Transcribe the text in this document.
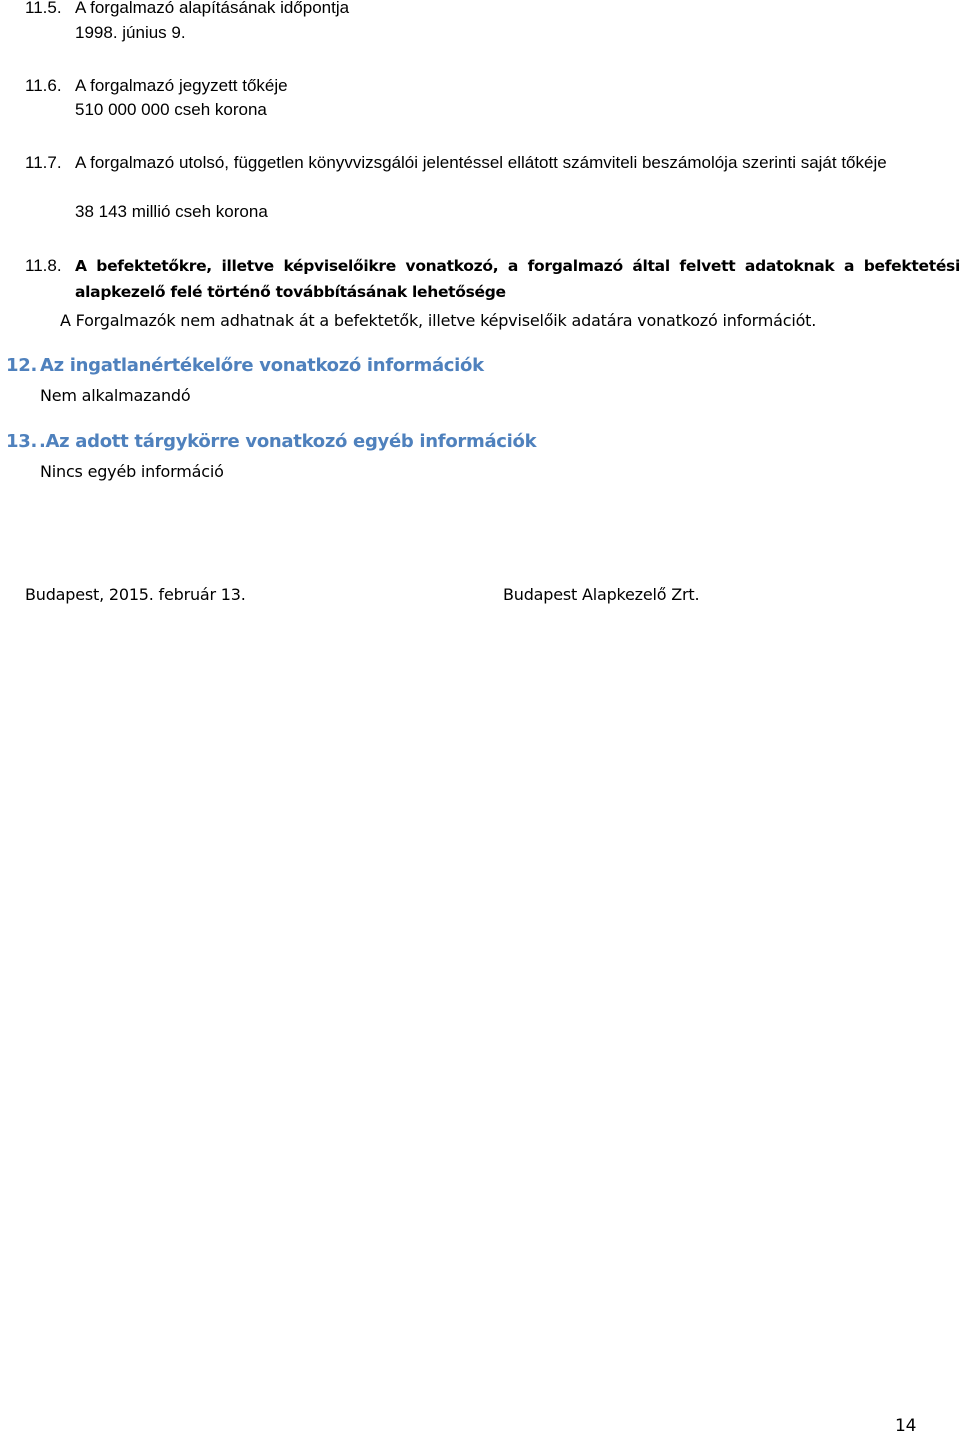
11.5. A forgalmazó alapításának időpontja
1998. június 9.
11.6. A forgalmazó jegyzett tőkéje
510 000 000 cseh korona
11.7. A forgalmazó utolsó, független könyvvizsgálói jelentéssel ellátott számviteli beszámolója szerinti saját tőkéje
38 143 millió cseh korona
11.8. A befektetőkre, illetve képviselőikre vonatkozó, a forgalmazó által felvett adatoknak a befektetési alapkezelő felé történő továbbításának lehetősége
A Forgalmazók nem adhatnak át a befektetők, illetve képviselőik adatára vonatkozó információt.
12. Az ingatlanértékelőre vonatkozó információk
Nem alkalmazandó
13. .Az adott tárgykörre vonatkozó egyéb információk
Nincs egyéb információ
Budapest, 2015. február 13.	Budapest Alapkezelő Zrt.
14
